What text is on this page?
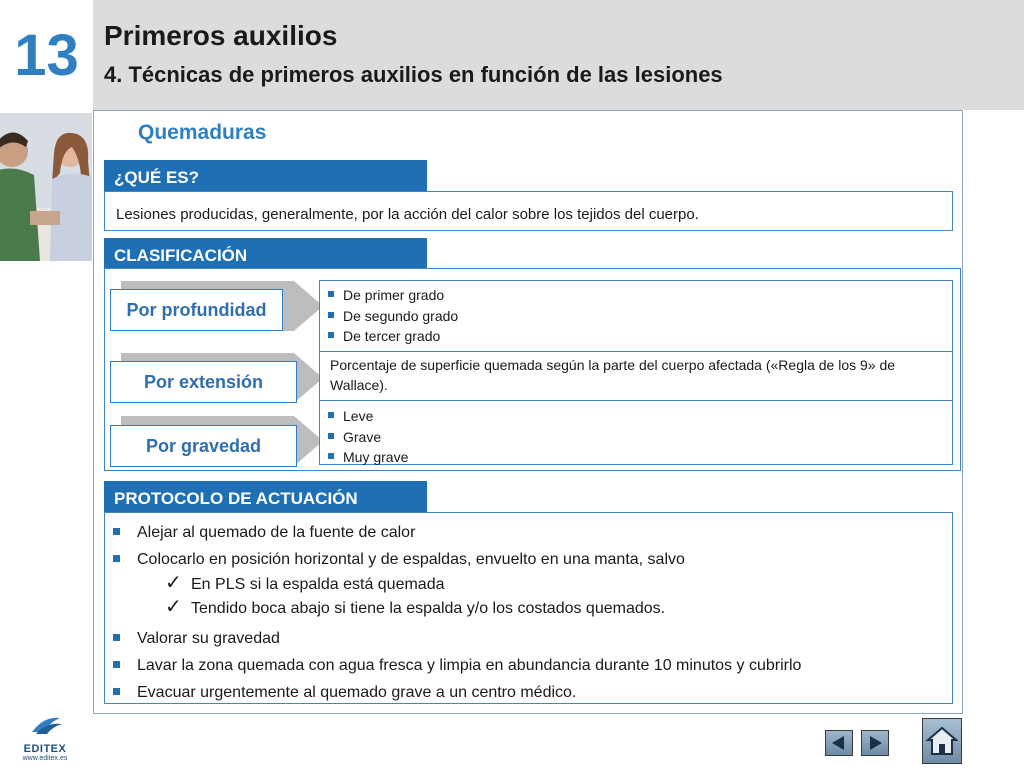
13 Primeros auxilios
4. Técnicas de primeros auxilios en función de las lesiones
Quemaduras
¿QUÉ ES?
Lesiones producidas, generalmente, por la acción del calor sobre los tejidos del cuerpo.
CLASIFICACIÓN
Por profundidad
De primer grado
De segundo grado
De tercer grado
Por extensión
Porcentaje de superficie quemada según la parte del cuerpo afectada («Regla de los 9» de Wallace).
Por gravedad
Leve
Grave
Muy grave
PROTOCOLO DE ACTUACIÓN
Alejar al quemado de la fuente de calor
Colocarlo en posición horizontal y de espaldas, envuelto en una manta, salvo
✓ En PLS si la espalda está quemada
✓ Tendido boca abajo si tiene la espalda y/o los costados quemados.
Valorar su gravedad
Lavar la zona quemada con agua fresca y limpia en abundancia durante 10 minutos y cubrirlo
Evacuar urgentemente al quemado grave a un centro médico.
EDITEX
www.editex.es
